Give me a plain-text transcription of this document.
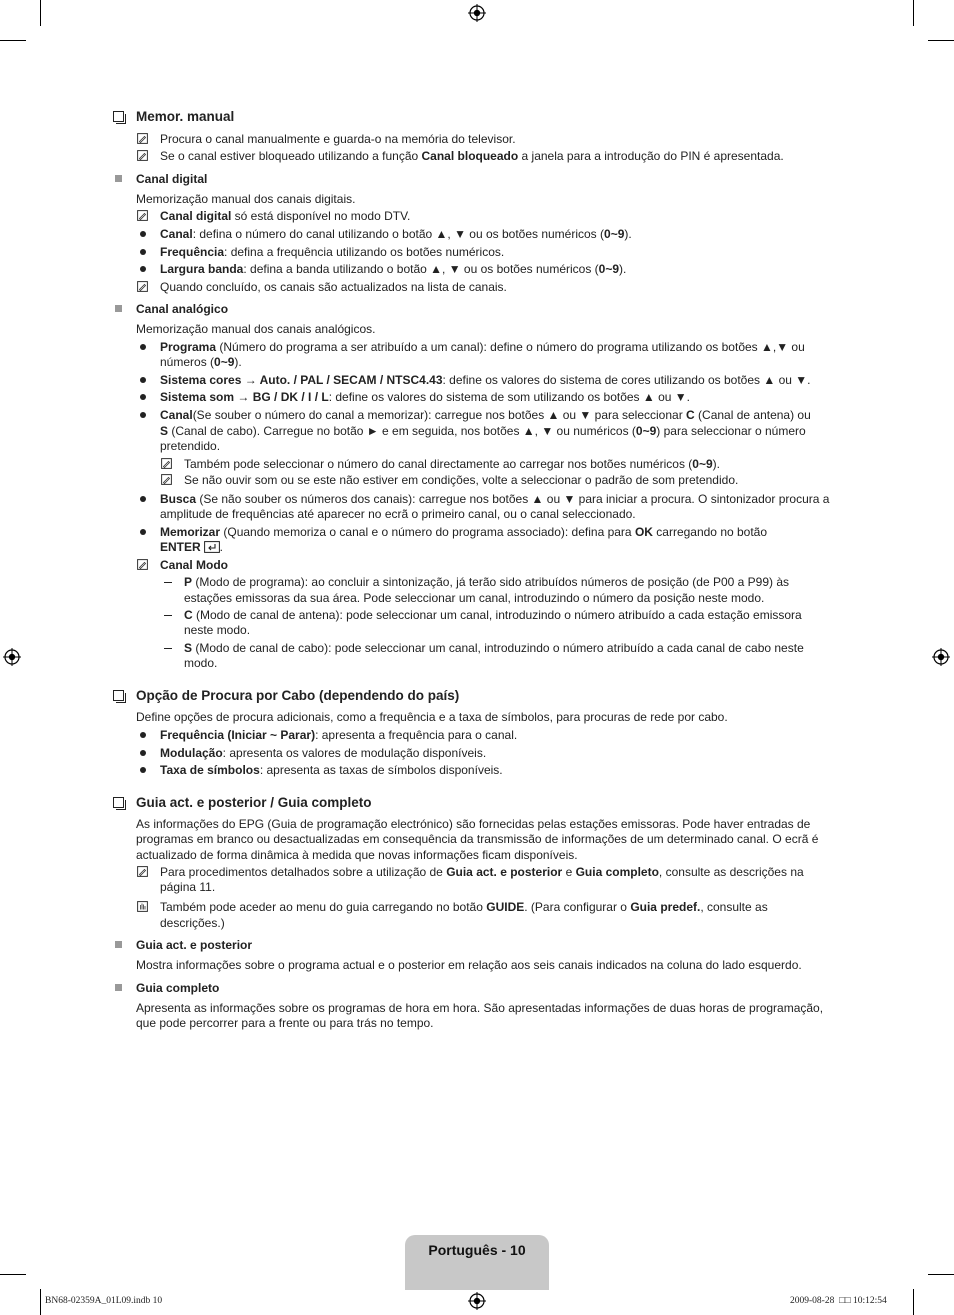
Memor. manual
Procura o canal manualmente e guarda-o na memória do televisor.
Se o canal estiver bloqueado utilizando a função Canal bloqueado a janela para a introdução do PIN é apresentada.
Canal digital
Memorização manual dos canais digitais.
Canal digital só está disponível no modo DTV.
Canal: defina o número do canal utilizando o botão ▲, ▼ ou os botões numéricos (0~9).
Frequência: defina a frequência utilizando os botões numéricos.
Largura banda: defina a banda utilizando o botão ▲, ▼ ou os botões numéricos (0~9).
Quando concluído, os canais são actualizados na lista de canais.
Canal analógico
Memorização manual dos canais analógicos.
Programa (Número do programa a ser atribuído a um canal): define o número do programa utilizando os botões ▲,▼ ou
números (0~9).
Sistema cores → Auto. / PAL / SECAM / NTSC4.43: define os valores do sistema de cores utilizando os botões ▲ ou ▼.
Sistema som → BG / DK / I / L: define os valores do sistema de som utilizando os botões ▲ ou ▼.
Canal(Se souber o número do canal a memorizar): carregue nos botões ▲ ou ▼ para seleccionar C (Canal de antena) ou
S (Canal de cabo). Carregue no botão ► e em seguida, nos botões ▲, ▼ ou numéricos (0~9) para seleccionar o número
pretendido.
Também pode seleccionar o número do canal directamente ao carregar nos botões numéricos (0~9).
Se não ouvir som ou se este não estiver em condições, volte a seleccionar o padrão de som pretendido.
Busca (Se não souber os números dos canais): carregue nos botões ▲ ou ▼ para iniciar a procura. O sintonizador procura a
amplitude de frequências até aparecer no ecrã o primeiro canal, ou o canal seleccionado.
Memorizar (Quando memoriza o canal e o número do programa associado): defina para OK carregando no botão
ENTER .
Canal Modo
P (Modo de programa): ao concluir a sintonização, já terão sido atribuídos números de posição (de P00 a P99) às
estações emissoras da sua área. Pode seleccionar um canal, introduzindo o número da posição neste modo.
C (Modo de canal de antena): pode seleccionar um canal, introduzindo o número atribuído a cada estação emissora
neste modo.
S (Modo de canal de cabo): pode seleccionar um canal, introduzindo o número atribuído a cada canal de cabo neste
modo.
Opção de Procura por Cabo (dependendo do país)
Define opções de procura adicionais, como a frequência e a taxa de símbolos, para procuras de rede por cabo.
Frequência (Iniciar ~ Parar): apresenta a frequência para o canal.
Modulação: apresenta os valores de modulação disponíveis.
Taxa de símbolos: apresenta as taxas de símbolos disponíveis.
Guia act. e posterior / Guia completo
As informações do EPG (Guia de programação electrónico) são fornecidas pelas estações emissoras. Pode haver entradas de
programas em branco ou desactualizadas em consequência da transmissão de informações de um determinado canal. O ecrã é
actualizado de forma dinâmica à medida que novas informações ficam disponíveis.
Para procedimentos detalhados sobre a utilização de Guia act. e posterior e Guia completo, consulte as descrições na
página 11.
Também pode aceder ao menu do guia carregando no botão GUIDE. (Para configurar o Guia predef., consulte as
descrições.)
Guia act. e posterior
Mostra informações sobre o programa actual e o posterior em relação aos seis canais indicados na coluna do lado esquerdo.
Guia completo
Apresenta as informações sobre os programas de hora em hora. São apresentadas informações de duas horas de programação,
que pode percorrer para a frente ou para trás no tempo.
Português - 10
BN68-02359A_01L09.indb 10	2009-08-28 □□ 10:12:54
